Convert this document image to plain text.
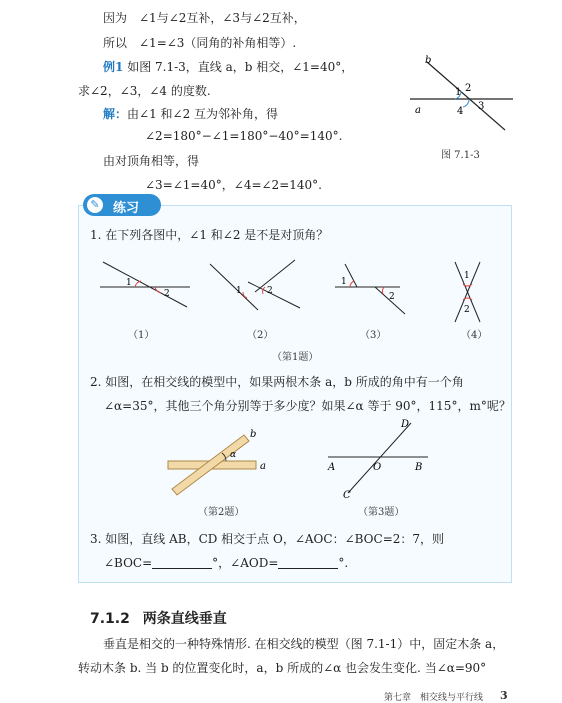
因为　∠1与∠2互补，∠3与∠2互补，
所以　∠1=∠3（同角的补角相等）.
例1 如图 7.1-3，直线 a，b 相交，∠1=40°，
求∠2，∠3，∠4 的度数.
解：由∠1 和∠2 互为邻补角，得
∠2=180°−∠1=180°−40°=140°.
由对顶角相等，得
∠3=∠1=40°，∠4=∠2=140°.
b
a
1 2
3
4
图 7.1-3
✎ 练习
1. 在下列各图中，∠1 和∠2 是不是对顶角？
1
2	1	2
1
2
1
2
（1）	（2）	（3）	（4）
（第1题）
2. 如图，在相交线的模型中，如果两根木条 a，b 所成的角中有一个角
∠α=35°，其他三个角分别等于多少度？如果∠α 等于 90°，115°，m°呢？
b
α
a
（第2题）
D
A	O	B
C
（第3题）
3. 如图，直线 AB，CD 相交于点 O，∠AOC：∠BOC=2：7，则
∠BOC=	°，∠AOD=	°.
7.1.2 两条直线垂直
垂直是相交的一种特殊情形. 在相交线的模型（图 7.1-1）中，固定木条 a，
转动木条 b. 当 b 的位置变化时，a，b 所成的∠α 也会发生变化. 当∠α=90°
第七章　相交线与平行线 3
